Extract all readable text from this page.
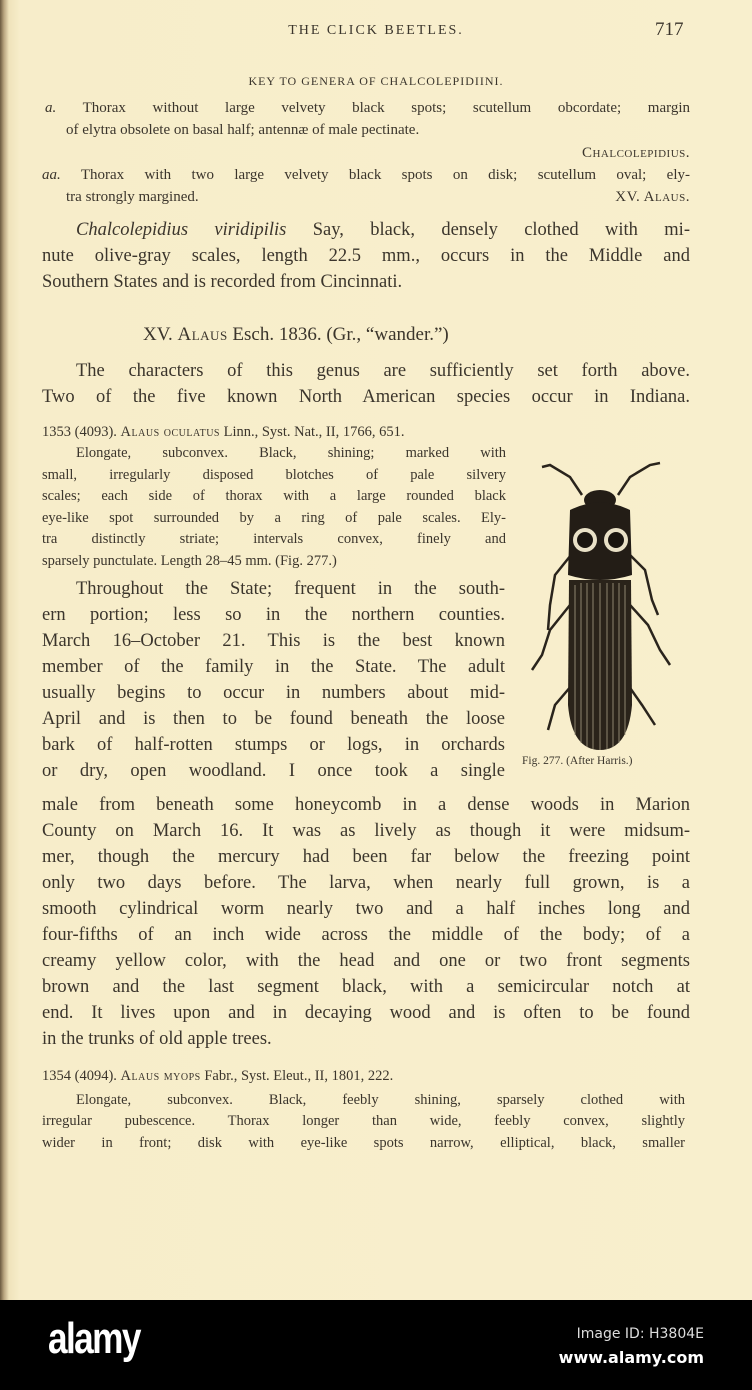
THE CLICK BEETLES.	717
KEY TO GENERA OF CHALCOLEPIDIINI.
a. Thorax without large velvety black spots; scutellum obcordate; margin
of elytra obsolete on basal half; antennæ of male pectinate.
Chalcolepidius.
aa. Thorax with two large velvety black spots on disk; scutellum oval; ely-
tra strongly margined.	XV. Alaus.
Chalcolepidius viridipilis Say, black, densely clothed with mi-
nute olive-gray scales, length 22.5 mm., occurs in the Middle and
Southern States and is recorded from Cincinnati.
XV. Alaus Esch. 1836. (Gr., “wander.”)
The characters of this genus are sufficiently set forth above.
Two of the five known North American species occur in Indiana.
1353 (4093). Alaus oculatus Linn., Syst. Nat., II, 1766, 651.
Elongate, subconvex. Black, shining; marked with
small, irregularly disposed blotches of pale silvery
scales; each side of thorax with a large rounded black
eye-like spot surrounded by a ring of pale scales. Ely-
tra distinctly striate; intervals convex, finely and
sparsely punctulate. Length 28–45 mm. (Fig. 277.)
Throughout the State; frequent in the south-
ern portion; less so in the northern counties.
March 16–October 21. This is the best known
member of the family in the State. The adult
usually begins to occur in numbers about mid-
April and is then to be found beneath the loose
bark of half-rotten stumps or logs, in orchards
or dry, open woodland. I once took a single
male from beneath some honeycomb in a dense woods in Marion
County on March 16. It was as lively as though it were midsum-
mer, though the mercury had been far below the freezing point
only two days before. The larva, when nearly full grown, is a
smooth cylindrical worm nearly two and a half inches long and
four-fifths of an inch wide across the middle of the body; of a
creamy yellow color, with the head and one or two front segments
brown and the last segment black, with a semicircular notch at
end. It lives upon and in decaying wood and is often to be found
in the trunks of old apple trees.
Fig. 277. (After Harris.)
1354 (4094). Alaus myops Fabr., Syst. Eleut., II, 1801, 222.
Elongate, subconvex. Black, feebly shining, sparsely clothed with
irregular pubescence. Thorax longer than wide, feebly convex, slightly
wider in front; disk with eye-like spots narrow, elliptical, black, smaller
alamy	Image ID: H3804E
www.alamy.com
